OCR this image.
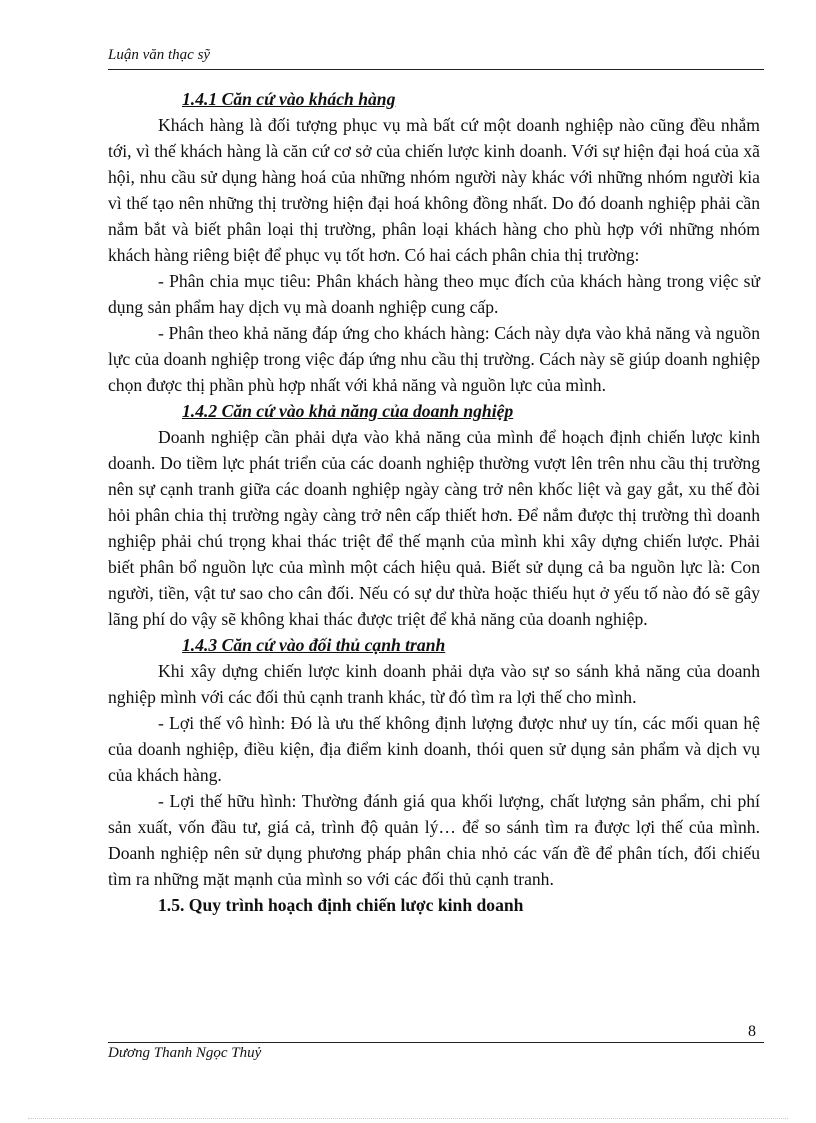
Luận văn thạc sỹ
1.4.1 Căn cứ vào khách hàng

Khách hàng là đối tượng phục vụ mà bất cứ một doanh nghiệp nào cũng đều nhắm tới, vì thế khách hàng là căn cứ cơ sở của chiến lược kinh doanh. Với sự hiện đại hoá của xã hội, nhu cầu sử dụng hàng hoá của những nhóm người này khác với những nhóm người kia vì thế tạo nên những thị trường hiện đại hoá không đồng nhất. Do đó doanh nghiệp phải cần nắm bắt và biết phân loại thị trường, phân loại khách hàng cho phù hợp với những nhóm khách hàng riêng biệt để phục vụ tốt hơn. Có hai cách phân chia thị trường:

- Phân chia mục tiêu: Phân khách hàng theo mục đích của khách hàng trong việc sử dụng sản phẩm hay dịch vụ mà doanh nghiệp cung cấp.

- Phân theo khả năng đáp ứng cho khách hàng: Cách này dựa vào khả năng và nguồn lực của doanh nghiệp trong việc đáp ứng nhu cầu thị trường. Cách này sẽ giúp doanh nghiệp chọn được thị phần phù hợp nhất với khả năng và nguồn lực của mình.

1.4.2 Căn cứ vào khả năng của doanh nghiệp

Doanh nghiệp cần phải dựa vào khả năng của mình để hoạch định chiến lược kinh doanh. Do tiềm lực phát triển của các doanh nghiệp thường vượt lên trên nhu cầu thị trường nên sự cạnh tranh giữa các doanh nghiệp ngày càng trở nên khốc liệt và gay gắt, xu thế đòi hỏi phân chia thị trường ngày càng trở nên cấp thiết hơn. Để nắm được thị trường thì doanh nghiệp phải chú trọng khai thác triệt để thế mạnh của mình khi xây dựng chiến lược. Phải biết phân bổ nguồn lực của mình một cách hiệu quả. Biết sử dụng cả ba nguồn lực là: Con người, tiền, vật tư sao cho cân đối. Nếu có sự dư thừa hoặc thiếu hụt ở yếu tố nào đó sẽ gây lãng phí do vậy sẽ không khai thác được triệt để khả năng của doanh nghiệp.

1.4.3 Căn cứ vào đối thủ cạnh tranh

Khi xây dựng chiến lược kinh doanh phải dựa vào sự so sánh khả năng của doanh nghiệp mình với các đối thủ cạnh tranh khác, từ đó tìm ra lợi thế cho mình.

- Lợi thế vô hình: Đó là ưu thế không định lượng được như uy tín, các mối quan hệ của doanh nghiệp, điều kiện, địa điểm kinh doanh, thói quen sử dụng sản phẩm và dịch vụ của khách hàng.

- Lợi thế hữu hình: Thường đánh giá qua khối lượng, chất lượng sản phẩm, chi phí sản xuất, vốn đầu tư, giá cả, trình độ quản lý… để so sánh tìm ra được lợi thế của mình. Doanh nghiệp nên sử dụng phương pháp phân chia nhỏ các vấn đề để phân tích, đối chiếu tìm ra những mặt mạnh của mình so với các đối thủ cạnh tranh.

1.5. Quy trình hoạch định chiến lược kinh doanh
8
Dương Thanh Ngọc Thuỷ
